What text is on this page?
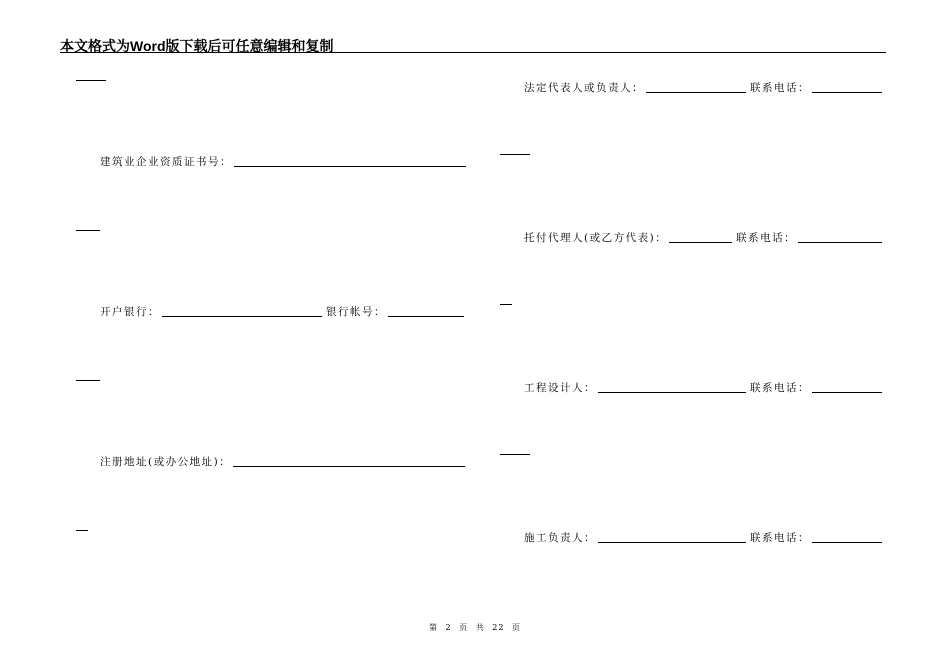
本文格式为Word版下载后可任意编辑和复制
建筑业企业资质证书号：
开户银行：	银行帐号：
注册地址(或办公地址)：
法定代表人或负责人：	联系电话：
托付代理人(或乙方代表)：	联系电话：
工程设计人：	联系电话：
施工负责人：	联系电话：
第 2 页 共 22 页
